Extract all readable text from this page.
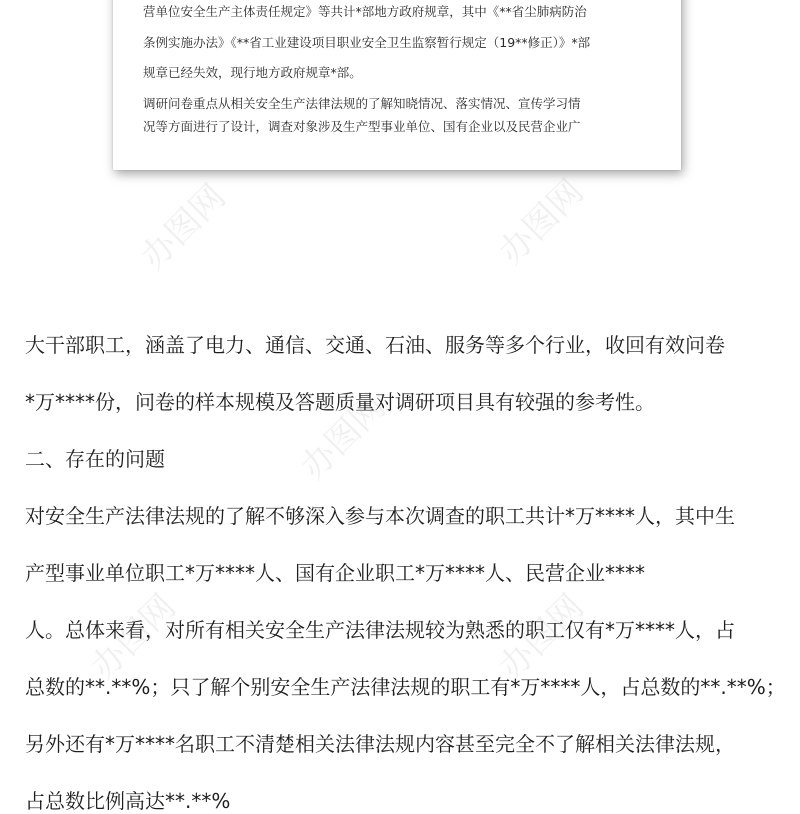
营单位安全生产主体责任规定》等共计*部地方政府规章，其中《**省尘肺病防治
条例实施办法》《**省工业建设项目职业安全卫生监察暂行规定（19**修正）》*部
规章已经失效，现行地方政府规章*部。
调研问卷重点从相关安全生产法律法规的了解知晓情况、落实情况、宣传学习情
况等方面进行了设计，调查对象涉及生产型事业单位、国有企业以及民营企业广
大干部职工，涵盖了电力、通信、交通、石油、服务等多个行业，收回有效问卷
*万****份，问卷的样本规模及答题质量对调研项目具有较强的参考性。
二、存在的问题
对安全生产法律法规的了解不够深入参与本次调查的职工共计*万****人，其中生
产型事业单位职工*万****人、国有企业职工*万****人、民营企业****
人。总体来看，对所有相关安全生产法律法规较为熟悉的职工仅有*万****人，占
总数的**.**%；只了解个别安全生产法律法规的职工有*万****人，占总数的**.**%；
另外还有*万****名职工不清楚相关法律法规内容甚至完全不了解相关法律法规，
占总数比例高达**.**%
办图网	办图网
办图网
办图网	办图网
